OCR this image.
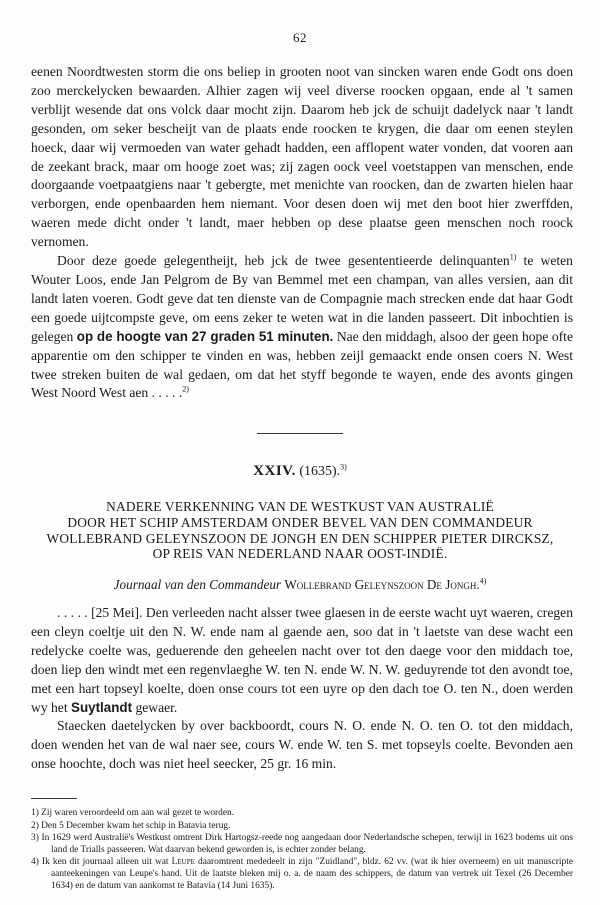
62

eenen Noordtwesten storm die ons beliep in grooten noot van sincken waren ende Godt ons doen zoo merckelycken bewaarden. Alhier zagen wij veel diverse roocken opgaan, ende al 't samen verblijt wesende dat ons volck daar mocht zijn. Daarom heb jck de schuijt dadelyck naar 't landt gesonden, om seker bescheijt van de plaats ende roocken te krygen, die daar om eenen steylen hoeck, daar wij vermoeden van water gehadt hadden, een afflopent water vonden, dat vooren aan de zeekant brack, maar om hooge zoet was; zij zagen oock veel voetstappen van menschen, ende doorgaande voetpaatgiens naar 't gebergte, met menichte van roocken, dan de zwarten hielen haar verborgen, ende openbaarden hem niemant. Voor desen doen wij met den boot hier zwerffden, waeren mede dicht onder 't landt, maer hebben op dese plaatse geen menschen noch roock vernomen.

Door deze goede gelegentheijt, heb jck de twee gesententieerde delinquanten$^{1)}$ te weten Wouter Loos, ende Jan Pelgrom de By van Bemmel met een champan, van alles versien, aan dit landt laten voeren. Godt geve dat ten dienste van de Compagnie mach strecken ende dat haar Godt een goede uijtcompste geve, om eens zeker te weten wat in die landen passeert. Dit inbochtien is gelegen op de hoogte van 27 graden 51 minuten. Nae den middagh, alsoo der geen hope ofte apparentie om den schipper te vinden en was, hebben zeijl gemaackt ende onsen coers N. West twee streken buiten de wal gedaen, om dat het styff begonde te wayen, ende des avonts gingen West Noord West aen . . . . .$^{2)}$

XXIV. (1635).$^{3)}$
NADERE VERKENNING VAN DE WESTKUST VAN AUSTRALIË
DOOR HET SCHIP AMSTERDAM ONDER BEVEL VAN DEN COMMANDEUR
WOLLEBRAND GELEYNSZOON DE JONGH EN DEN SCHIPPER PIETER DIRCKSZ,
OP REIS VAN NEDERLAND NAAR OOST-INDIË.
Journaal van den Commandeur Wollebrand Geleynszoon De Jongh.$^{4)}$

. . . . . [25 Mei]. Den verleeden nacht alsser twee glaesen in de eerste wacht uyt waeren, cregen een cleyn coeltje uit den N. W. ende nam al gaende aen, soo dat in 't laetste van dese wacht een redelycke coelte was, geduerende den geheelen nacht over tot den daege voor den middach toe, doen liep den windt met een regenvlaeghe W. ten N. ende W. N. W. geduyrende tot den avondt toe, met een hart topseyl koelte, doen onse cours tot een uyre op den dach toe O. ten N., doen werden wy het Suytlandt gewaer.

Staecken daetelycken by over backboordt, cours N. O. ende N. O. ten O. tot den middach, doen wenden het van de wal naer see, cours W. ende W. ten S. met topseyls coelte. Bevonden aen onse hoochte, doch was niet heel seecker, 25 gr. 16 min.

1) Zij waren veroordeeld om aan wal gezet te worden.

2) Den 5 December kwam het schip in Batavia terug.

3) In 1629 werd Australië's Westkust omtrent Dirk Hartogsz-reede nog aangedaan door Nederlandsche schepen, terwijl in 1623 bodems uit ons land de Trialls passeeren. Wat daarvan bekend geworden is, is echter zonder belang.

4) Ik ken dit journaal alleen uit wat Leupe daaromtrent mededeelt in zijn "Zuidland", bldz. 62 vv. (wat ik hier overneem) en uit manuscripte aanteekeningen van Leupe's hand. Uit de laatste bleken mij o. a. de naam des schippers, de datum van vertrek uit Texel (26 December 1634) en de datum van aankomst te Batavia (14 Juni 1635).
